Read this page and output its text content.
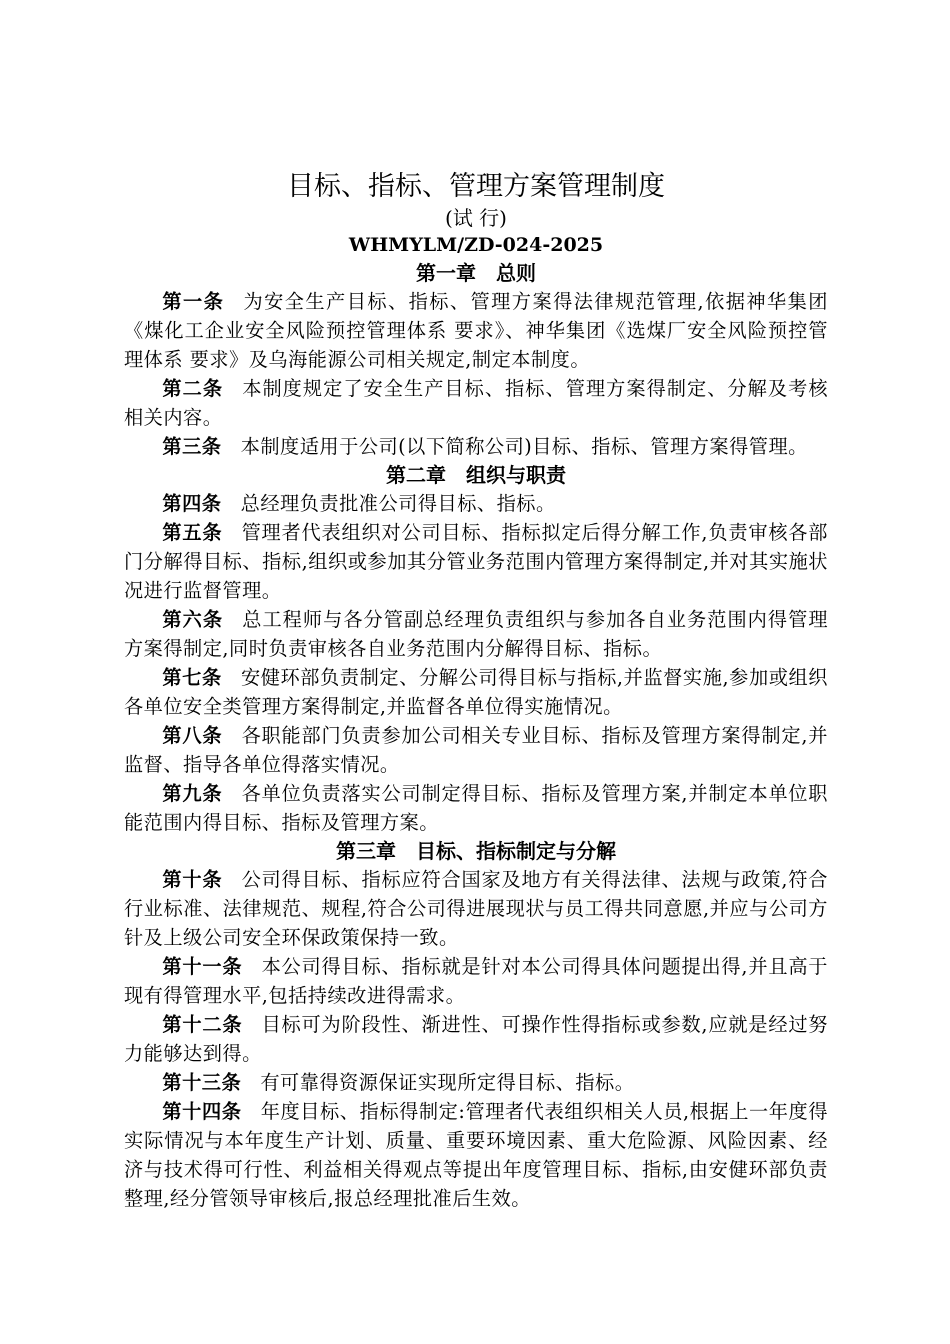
目标、指标、管理方案管理制度

(试 行)

WHMYLM/ZD-024-2025

第一章　总则

第一条 为安全生产目标、指标、管理方案得法律规范管理,依据神华集团《煤化工企业安全风险预控管理体系 要求》、神华集团《选煤厂安全风险预控管理体系 要求》及乌海能源公司相关规定,制定本制度。

第二条 本制度规定了安全生产目标、指标、管理方案得制定、分解及考核相关内容。

第三条 本制度适用于公司(以下简称公司)目标、指标、管理方案得管理。

第二章　组织与职责

第四条 总经理负责批准公司得目标、指标。

第五条 管理者代表组织对公司目标、指标拟定后得分解工作,负责审核各部门分解得目标、指标,组织或参加其分管业务范围内管理方案得制定,并对其实施状况进行监督管理。

第六条 总工程师与各分管副总经理负责组织与参加各自业务范围内得管理方案得制定,同时负责审核各自业务范围内分解得目标、指标。

第七条 安健环部负责制定、分解公司得目标与指标,并监督实施,参加或组织各单位安全类管理方案得制定,并监督各单位得实施情况。

第八条 各职能部门负责参加公司相关专业目标、指标及管理方案得制定,并监督、指导各单位得落实情况。

第九条 各单位负责落实公司制定得目标、指标及管理方案,并制定本单位职能范围内得目标、指标及管理方案。

第三章　目标、指标制定与分解

第十条 公司得目标、指标应符合国家及地方有关得法律、法规与政策,符合行业标准、法律规范、规程,符合公司得进展现状与员工得共同意愿,并应与公司方针及上级公司安全环保政策保持一致。

第十一条 本公司得目标、指标就是针对本公司得具体问题提出得,并且高于现有得管理水平,包括持续改进得需求。

第十二条 目标可为阶段性、渐进性、可操作性得指标或参数,应就是经过努力能够达到得。

第十三条 有可靠得资源保证实现所定得目标、指标。

第十四条 年度目标、指标得制定:管理者代表组织相关人员,根据上一年度得实际情况与本年度生产计划、质量、重要环境因素、重大危险源、风险因素、经济与技术得可行性、利益相关得观点等提出年度管理目标、指标,由安健环部负责整理,经分管领导审核后,报总经理批准后生效。
